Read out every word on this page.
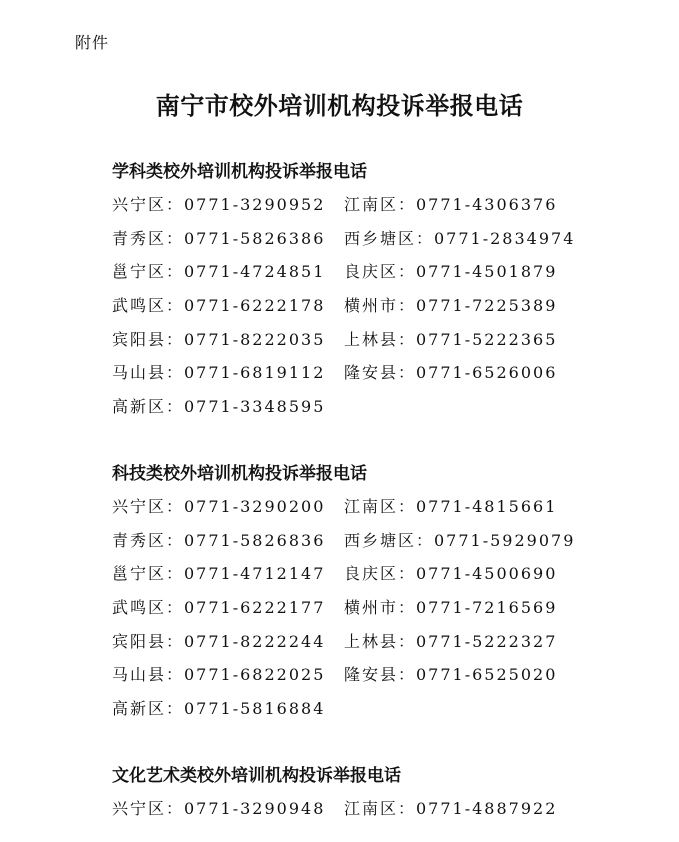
附件
南宁市校外培训机构投诉举报电话
学科类校外培训机构投诉举报电话
兴宁区：0771-3290952 江南区：0771-4306376
青秀区：0771-5826386 西乡塘区：0771-2834974
邕宁区：0771-4724851 良庆区：0771-4501879
武鸣区：0771-6222178 横州市：0771-7225389
宾阳县：0771-8222035 上林县：0771-5222365
马山县：0771-6819112 隆安县：0771-6526006
高新区：0771-3348595
科技类校外培训机构投诉举报电话
兴宁区：0771-3290200 江南区：0771-4815661
青秀区：0771-5826836 西乡塘区：0771-5929079
邕宁区：0771-4712147 良庆区：0771-4500690
武鸣区：0771-6222177 横州市：0771-7216569
宾阳县：0771-8222244 上林县：0771-5222327
马山县：0771-6822025 隆安县：0771-6525020
高新区：0771-5816884
文化艺术类校外培训机构投诉举报电话
兴宁区：0771-3290948 江南区：0771-4887922
